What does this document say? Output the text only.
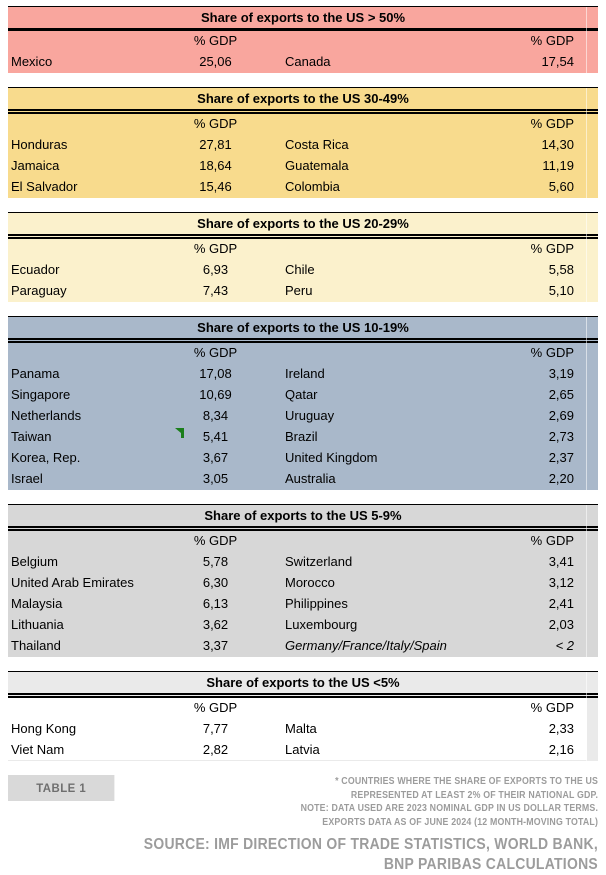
Share of exports to the US > 50%
% GDP	% GDP
Mexico	25,06	Canada	17,54
Share of exports to the US 30-49%
% GDP	% GDP
Honduras	27,81	Costa Rica	14,30
Jamaica	18,64	Guatemala	11,19
El Salvador	15,46	Colombia	5,60
Share of exports to the US 20-29%
% GDP	% GDP
Ecuador	6,93	Chile	5,58
Paraguay	7,43	Peru	5,10
Share of exports to the US 10-19%
% GDP	% GDP
Panama	17,08	Ireland	3,19
Singapore	10,69	Qatar	2,65
Netherlands	8,34	Uruguay	2,69
Taiwan	5,41	Brazil	2,73
Korea, Rep.	3,67	United Kingdom	2,37
Israel	3,05	Australia	2,20
Share of exports to the US 5-9%
% GDP	% GDP
Belgium	5,78	Switzerland	3,41
United Arab Emirates	6,30	Morocco	3,12
Malaysia	6,13	Philippines	2,41
Lithuania	3,62	Luxembourg	2,03
Thailand	3,37	Germany/France/Italy/Spain	< 2
Share of exports to the US <5%
% GDP	% GDP
Hong Kong	7,77	Malta	2,33
Viet Nam	2,82	Latvia	2,16
TABLE 1	* COUNTRIES WHERE THE SHARE OF EXPORTS TO THE US
REPRESENTED AT LEAST 2% OF THEIR NATIONAL GDP.
NOTE: DATA USED ARE 2023 NOMINAL GDP IN US DOLLAR TERMS.
EXPORTS DATA AS OF JUNE 2024 (12 MONTH-MOVING TOTAL)
SOURCE: IMF DIRECTION OF TRADE STATISTICS, WORLD BANK,
BNP PARIBAS CALCULATIONS
